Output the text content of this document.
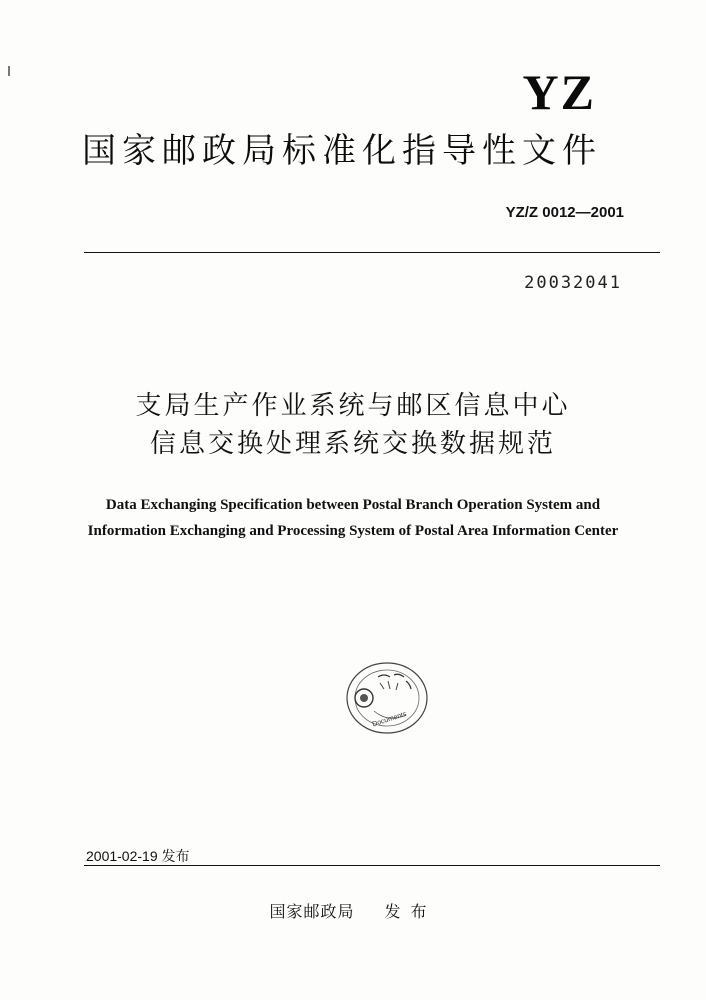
YZ
国家邮政局标准化指导性文件
YZ/Z 0012—2001
20032041
支局生产作业系统与邮区信息中心
信息交换处理系统交换数据规范
Data Exchanging Specification between Postal Branch Operation System and
Information Exchanging and Processing System of Postal Area Information Center
Documents
2001-02-19 发布
国家邮政局 发布
